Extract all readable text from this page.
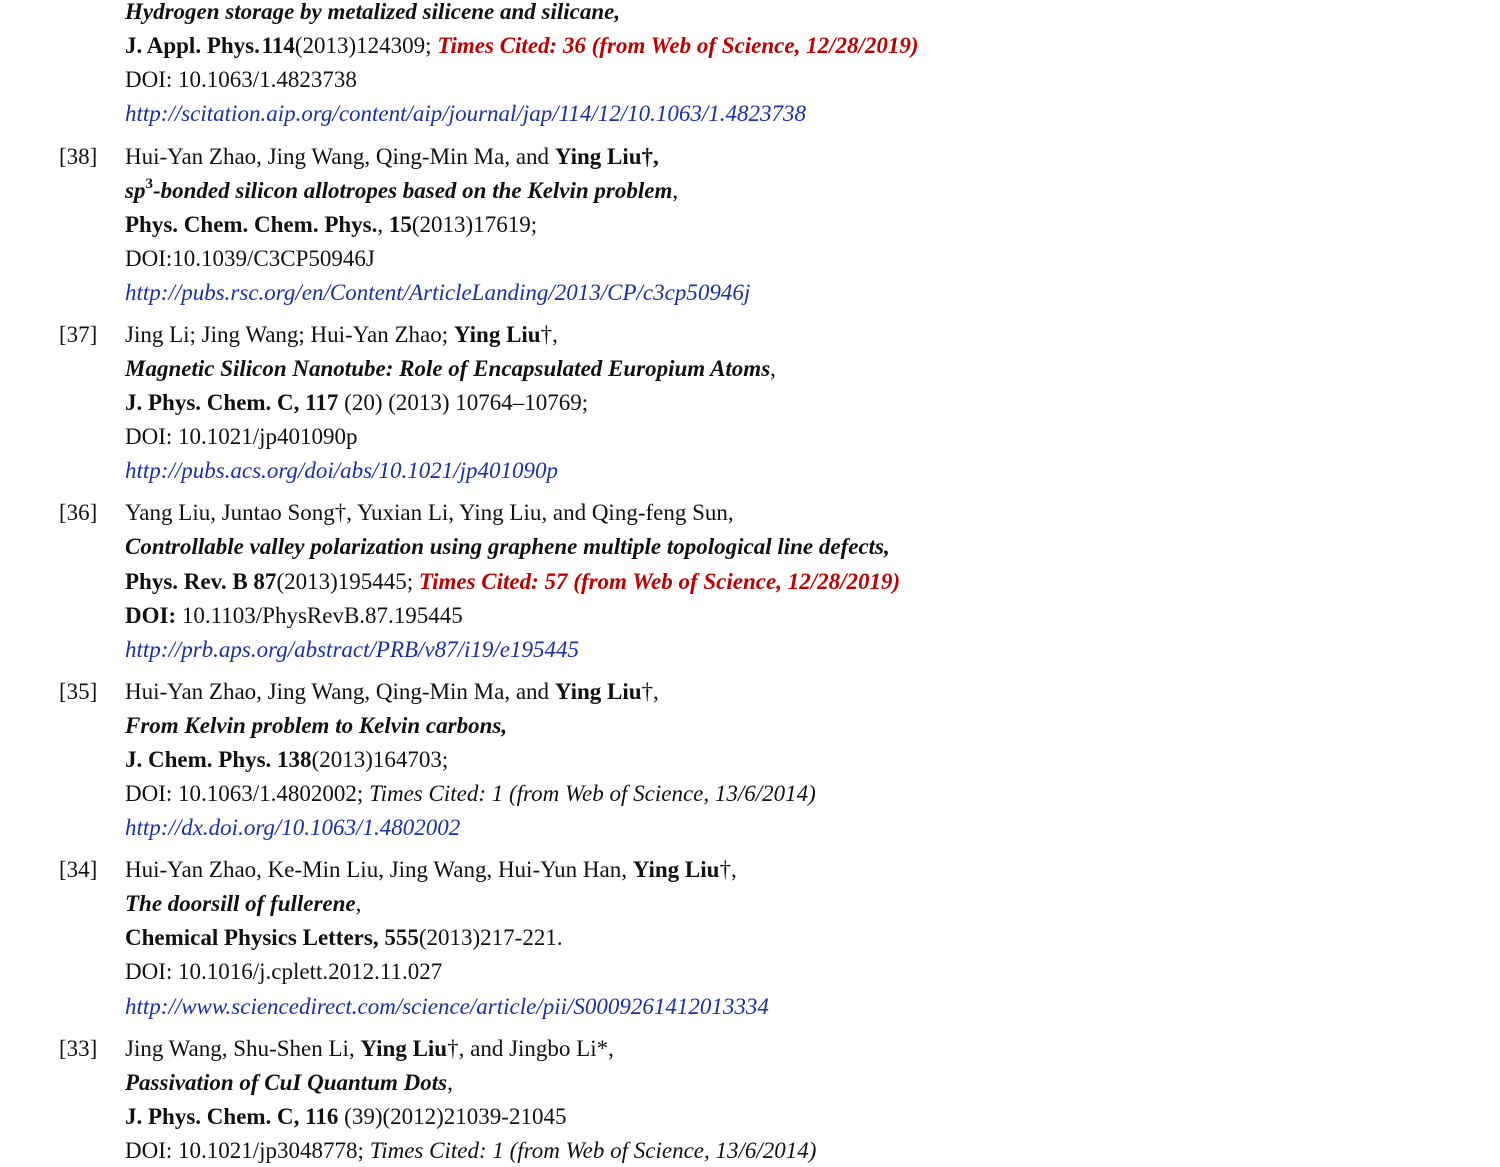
Hydrogen storage by metalized silicene and silicane,
J. Appl. Phys. 114(2013)124309; Times Cited: 36 (from Web of Science, 12/28/2019)
DOI: 10.1063/1.4823738
http://scitation.aip.org/content/aip/journal/jap/114/12/10.1063/1.4823738
[38] Hui-Yan Zhao, Jing Wang, Qing-Min Ma, and Ying Liu†,
$sp^3$-bonded silicon allotropes based on the Kelvin problem,
Phys. Chem. Chem. Phys., 15(2013)17619;
DOI:10.1039/C3CP50946J
http://pubs.rsc.org/en/Content/ArticleLanding/2013/CP/c3cp50946j
[37] Jing Li; Jing Wang; Hui-Yan Zhao; Ying Liu†,
Magnetic Silicon Nanotube: Role of Encapsulated Europium Atoms,
J. Phys. Chem. C, 117 (20) (2013) 10764–10769;
DOI: 10.1021/jp401090p
http://pubs.acs.org/doi/abs/10.1021/jp401090p
[36] Yang Liu, Juntao Song†, Yuxian Li, Ying Liu, and Qing-feng Sun,
Controllable valley polarization using graphene multiple topological line defects,
Phys. Rev. B 87(2013)195445; Times Cited: 57 (from Web of Science, 12/28/2019)
DOI: 10.1103/PhysRevB.87.195445
http://prb.aps.org/abstract/PRB/v87/i19/e195445
[35] Hui-Yan Zhao, Jing Wang, Qing-Min Ma, and Ying Liu†,
From Kelvin problem to Kelvin carbons,
J. Chem. Phys. 138(2013)164703;
DOI: 10.1063/1.4802002; Times Cited: 1 (from Web of Science, 13/6/2014)
http://dx.doi.org/10.1063/1.4802002
[34] Hui-Yan Zhao, Ke-Min Liu, Jing Wang, Hui-Yun Han, Ying Liu†,
The doorsill of fullerene,
Chemical Physics Letters, 555(2013)217-221.
DOI: 10.1016/j.cplett.2012.11.027
http://www.sciencedirect.com/science/article/pii/S0009261412013334
[33] Jing Wang, Shu-Shen Li, Ying Liu†, and Jingbo Li*,
Passivation of CuI Quantum Dots,
J. Phys. Chem. C, 116 (39)(2012)21039-21045
DOI: 10.1021/jp3048778; Times Cited: 1 (from Web of Science, 13/6/2014)
